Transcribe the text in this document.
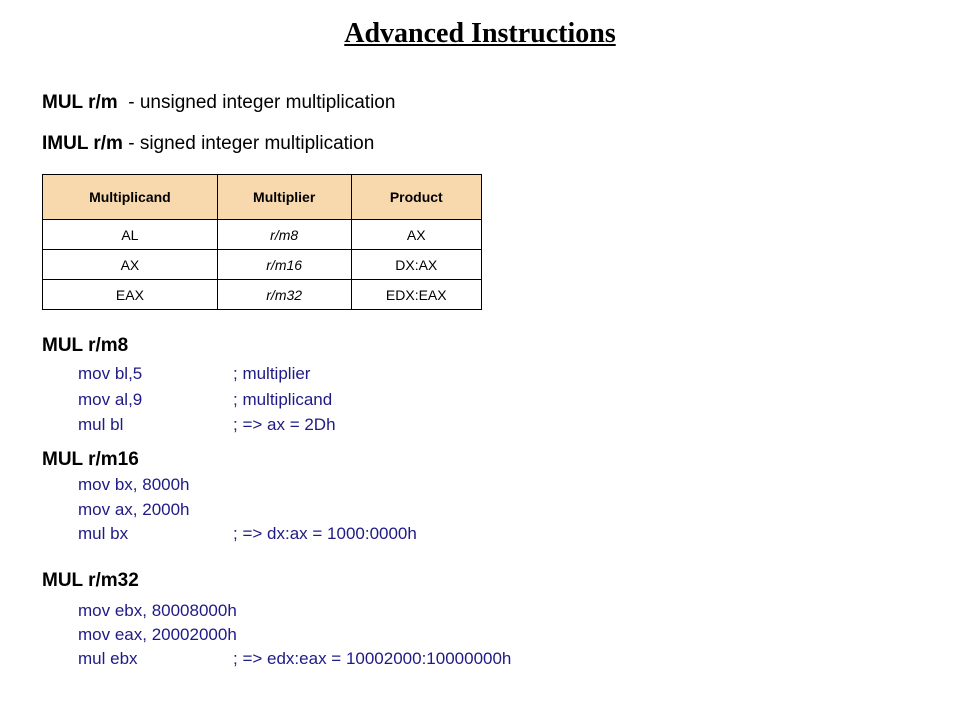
Advanced Instructions
MUL r/m  - unsigned integer multiplication
IMUL r/m - signed integer multiplication
Multiplicand	Multiplier	Product
AL	r/m8	AX
AX	r/m16	DX:AX
EAX	r/m32	EDX:EAX
MUL r/m8
mov bl,5	; multiplier
mov al,9	; multiplicand
mul bl	; => ax = 2Dh
MUL r/m16
mov bx, 8000h
mov ax, 2000h
mul bx	; => dx:ax = 1000:0000h
MUL r/m32
mov ebx, 80008000h
mov eax, 20002000h
mul ebx	; => edx:eax = 10002000:10000000h
